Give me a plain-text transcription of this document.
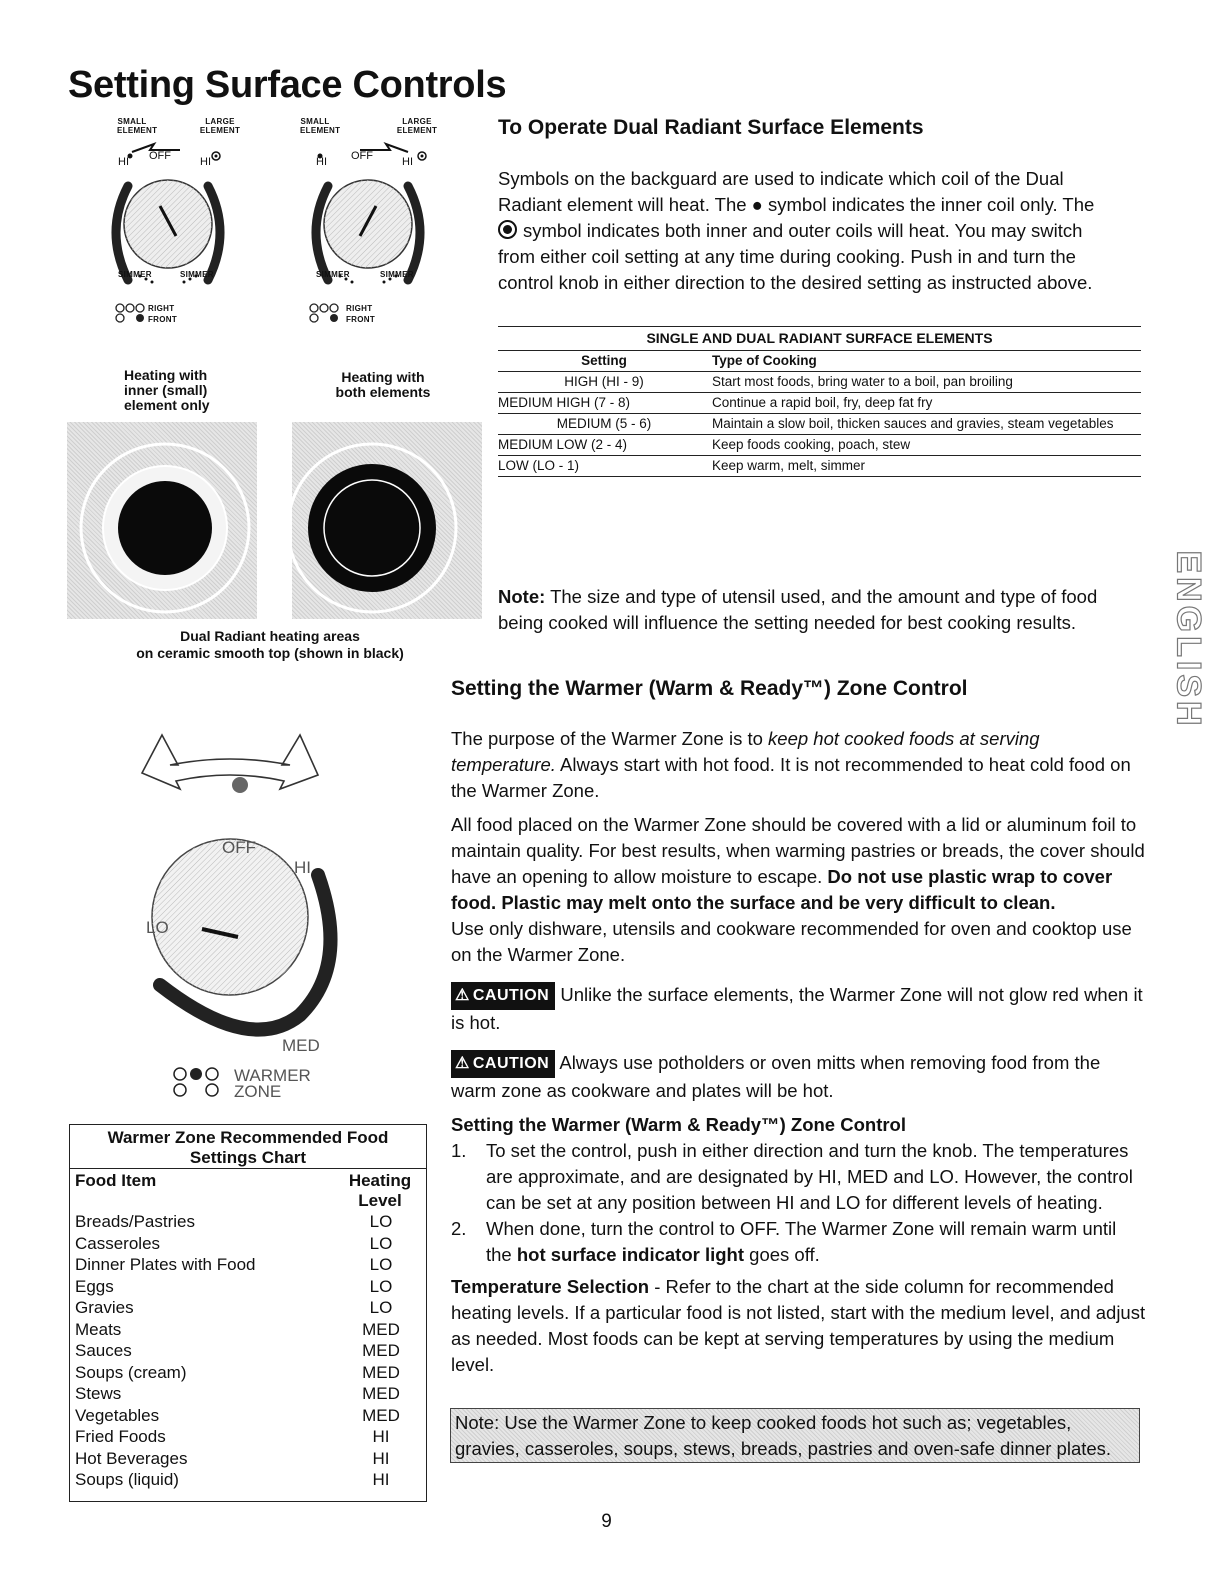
Setting Surface Controls
SMALL ELEMENT
LARGE ELEMENT
HI OFF	HI
SIMMER	SIMMER
RIGHT
FRONT
Heating with inner (small) element only
SMALL ELEMENT
LARGE ELEMENT
HI OFF	HI
SIMMER	SIMMER
RIGHT
FRONT
Heating with both elements
Dual Radiant heating areas
on ceramic smooth top (shown in black)
OFF
HI
LO
MED
WARMER
ZONE
Warmer Zone Recommended Food
Settings Chart
Food Item	Heating
Level
Breads/Pastries	LO
Casseroles	LO
Dinner Plates with Food	LO
Eggs	LO
Gravies	LO
Meats	MED
Sauces	MED
Soups (cream)	MED
Stews	MED
Vegetables	MED
Fried Foods	HI
Hot Beverages	HI
Soups (liquid)	HI
To Operate Dual Radiant Surface Elements
Symbols on the backguard are used to indicate which coil of the Dual
Radiant element will heat. The ● symbol indicates the inner coil only. The
symbol indicates both inner and outer coils will heat. You may switch
from either coil setting at any time during cooking. Push in and turn the
control knob in either direction to the desired setting as instructed above.
SINGLE AND DUAL RADIANT SURFACE ELEMENTS
Setting	Type of Cooking
HIGH (HI - 9)	Start most foods, bring water to a boil, pan broiling
MEDIUM HIGH (7 - 8)	Continue a rapid boil, fry, deep fat fry
MEDIUM (5 - 6)	Maintain a slow boil, thicken sauces and gravies, steam vegetables
MEDIUM LOW (2 - 4)	Keep foods cooking, poach, stew
LOW (LO - 1)	Keep warm, melt, simmer
Note: The size and type of utensil used, and the amount and type of food
being cooked will influence the setting needed for best cooking results.
Setting the Warmer (Warm & Ready™) Zone Control

The purpose of the Warmer Zone is to keep hot cooked foods at serving temperature. Always start with hot food. It is not recommended to heat cold food on the Warmer Zone.

All food placed on the Warmer Zone should be covered with a lid or aluminum foil to maintain quality. For best results, when warming pastries or breads, the cover should have an opening to allow moisture to escape. Do not use plastic wrap to cover food. Plastic may melt onto the surface and be very difficult to clean.

Use only dishware, utensils and cookware recommended for oven and cooktop use on the Warmer Zone.

⚠ CAUTION Unlike the surface elements, the Warmer Zone will not glow red when it is hot.

⚠ CAUTION Always use potholders or oven mitts when removing food from the warm zone as cookware and plates will be hot.

Setting the Warmer (Warm & Ready™) Zone Control
1. To set the control, push in either direction and turn the knob. The temperatures are approximate, and are designated by HI, MED and LO. However, the control can be set at any position between HI and LO for different levels of heating.
2. When done, turn the control to OFF. The Warmer Zone will remain warm until the hot surface indicator light goes off.

Temperature Selection - Refer to the chart at the side column for recommended heating levels. If a particular food is not listed, start with the medium level, and adjust as needed. Most foods can be kept at serving temperatures by using the medium level.

Note: Use the Warmer Zone to keep cooked foods hot such as; vegetables, gravies, casseroles, soups, stews, breads, pastries and oven-safe dinner plates.
ENGLISH
9
